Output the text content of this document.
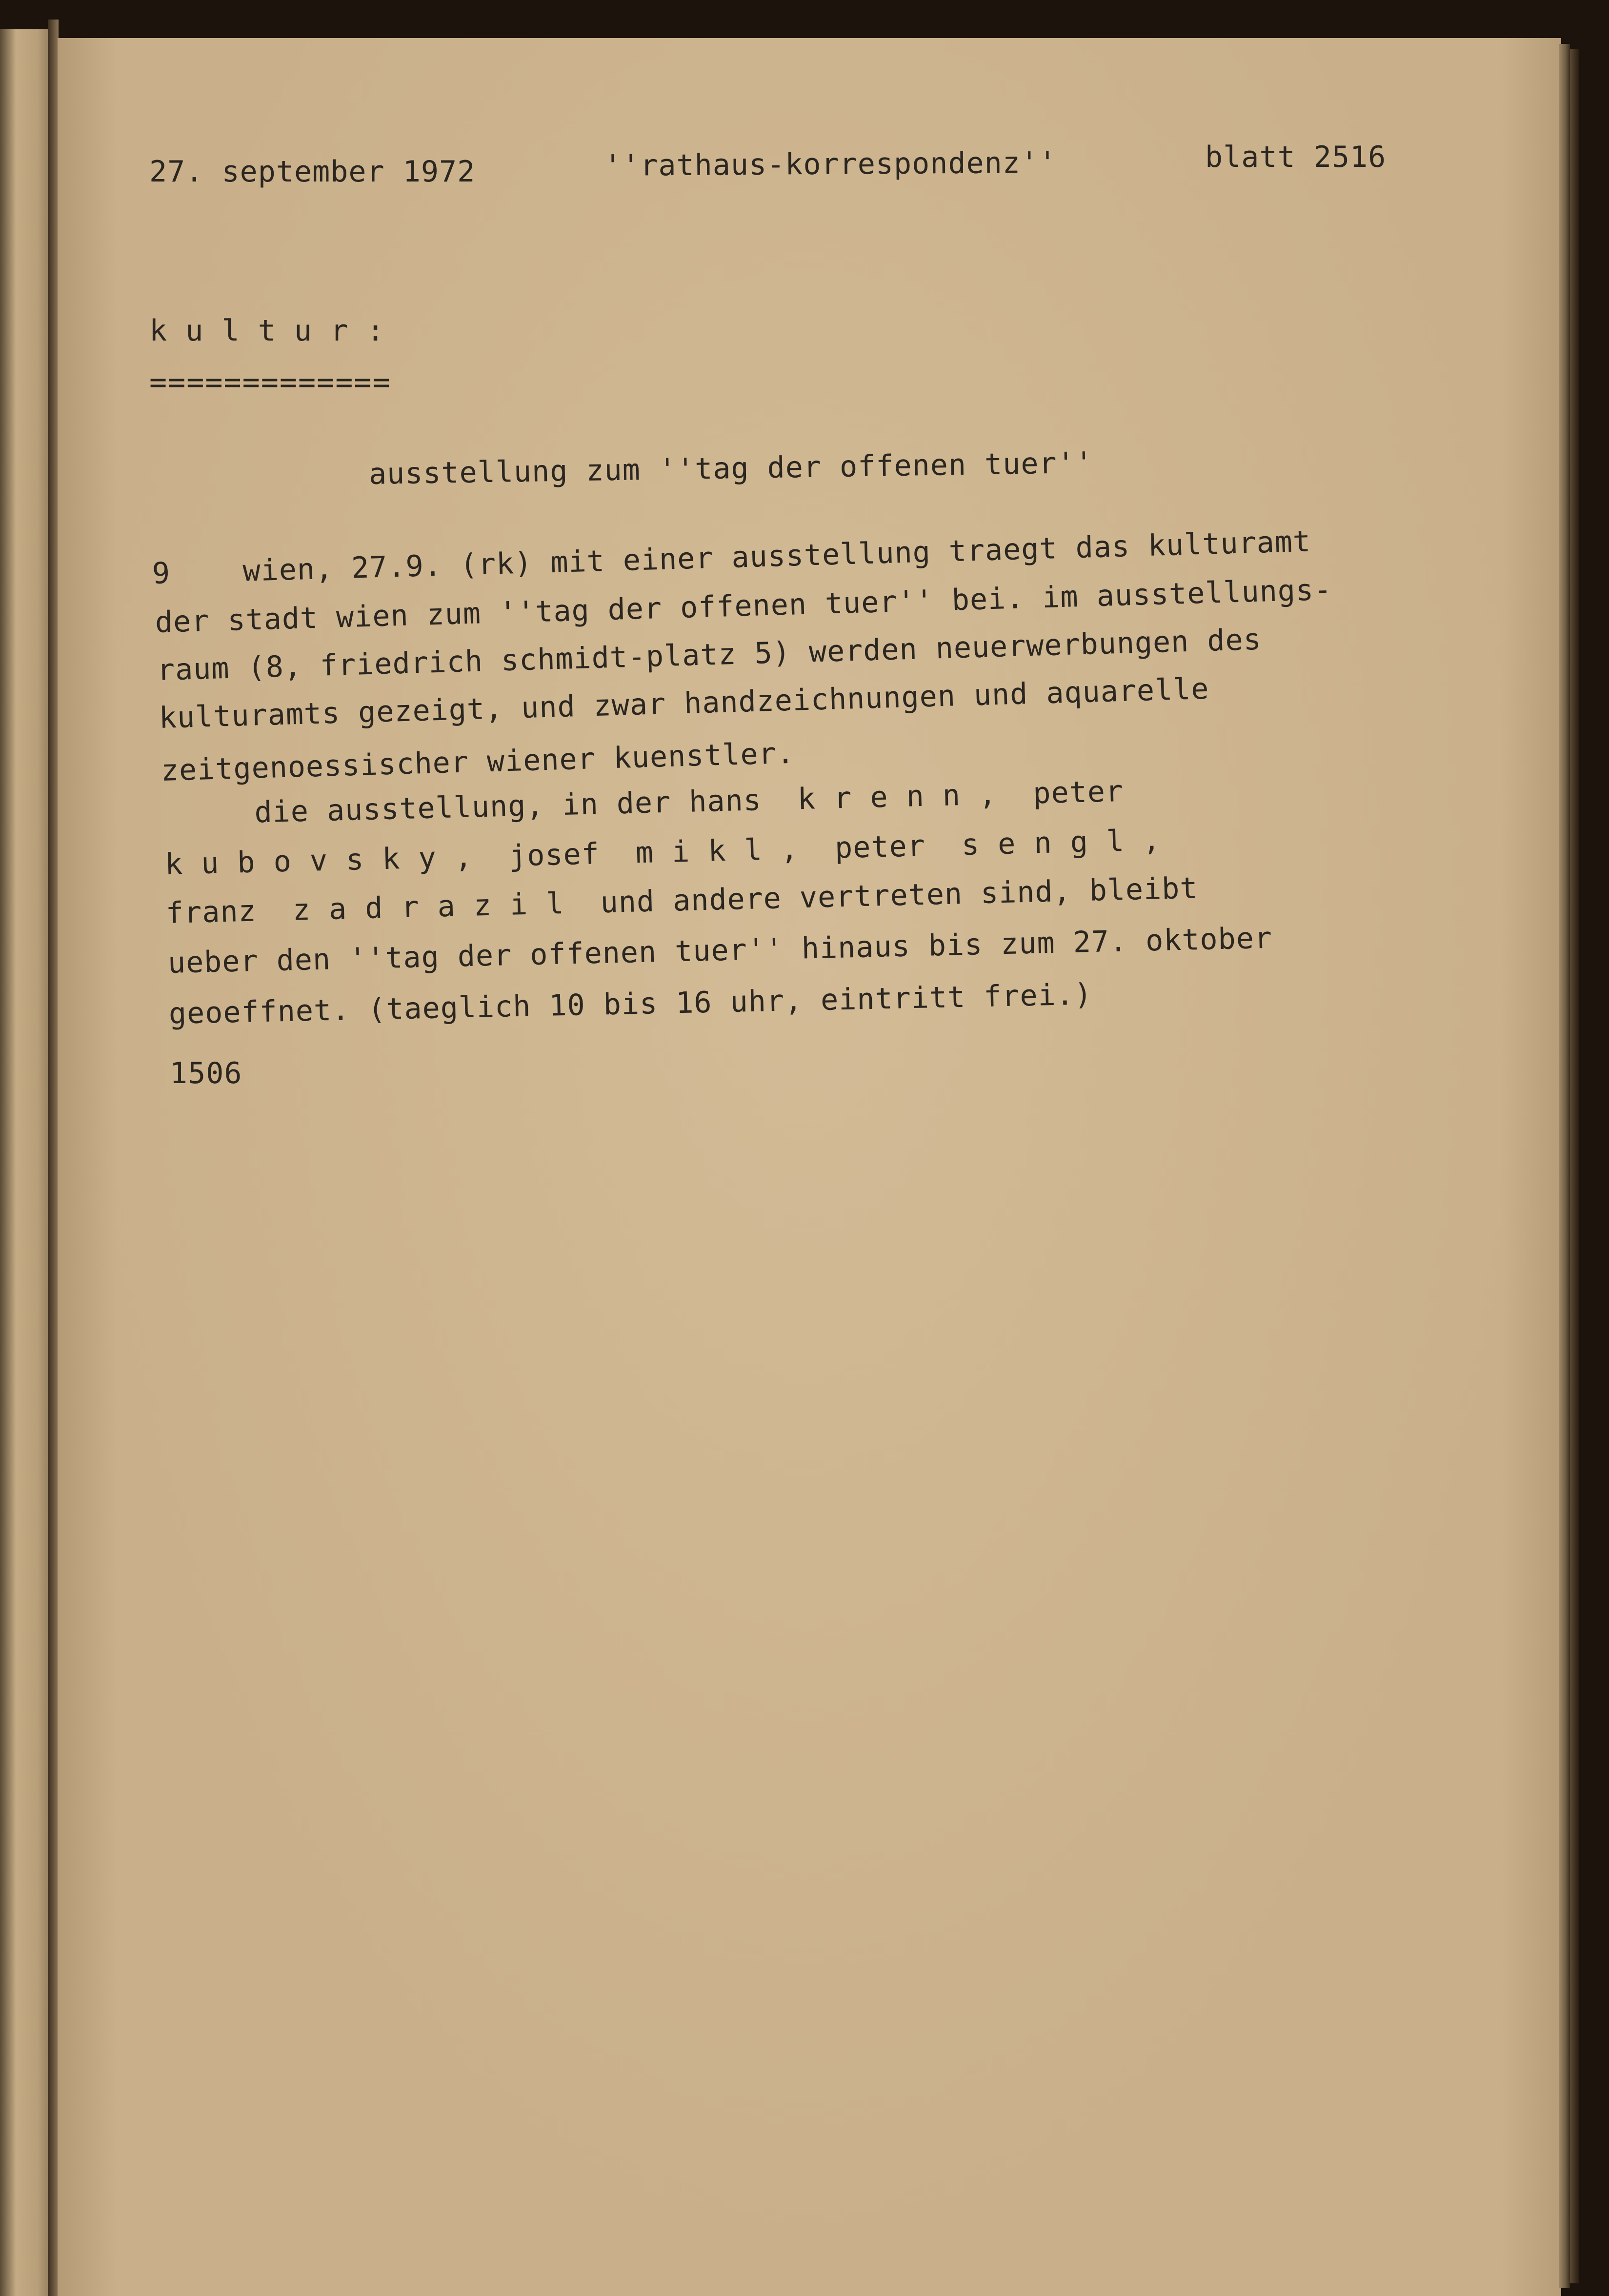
27. september 1972	''rathaus-korrespondenz''	blatt 2516
k u l t u r :
=============
ausstellung zum ''tag der offenen tuer''
9    wien, 27.9. (rk) mit einer ausstellung traegt das kulturamt
der stadt wien zum ''tag der offenen tuer'' bei. im ausstellungs-
raum (8, friedrich schmidt-platz 5) werden neuerwerbungen des
kulturamts gezeigt, und zwar handzeichnungen und aquarelle
zeitgenoessischer wiener kuenstler.
die ausstellung, in der hans  k r e n n ,  peter
k u b o v s k y ,  josef  m i k l ,  peter  s e n g l ,
franz  z a d r a z i l  und andere vertreten sind, bleibt
ueber den ''tag der offenen tuer'' hinaus bis zum 27. oktober
geoeffnet. (taeglich 10 bis 16 uhr, eintritt frei.)
1506
